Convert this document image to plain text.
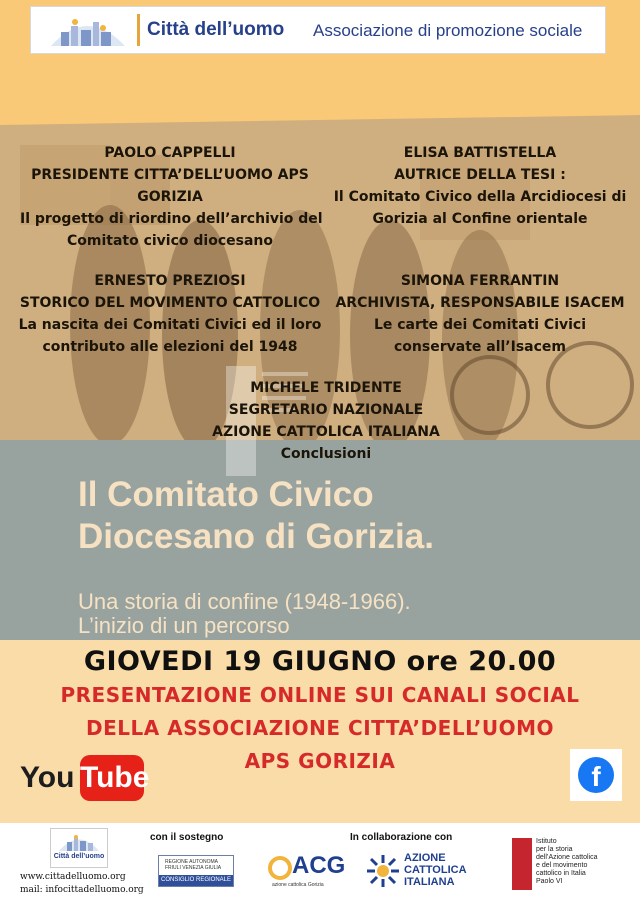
Città dell’uomo Associazione di promozione sociale
PAOLO CAPPELLI
PRESIDENTE CITTA’DELL’UOMO APS
GORIZIA
Il progetto di riordino dell’archivio del
Comitato civico diocesano
ELISA BATTISTELLA
AUTRICE DELLA TESI :
Il Comitato Civico della Arcidiocesi di
Gorizia al Confine orientale
ERNESTO PREZIOSI
STORICO DEL MOVIMENTO CATTOLICO
La nascita dei Comitati Civici ed il loro
contributo alle elezioni del 1948
SIMONA FERRANTIN
ARCHIVISTA, RESPONSABILE ISACEM
Le carte dei Comitati Civici
conservate all’Isacem
MICHELE TRIDENTE
SEGRETARIO NAZIONALE
AZIONE CATTOLICA ITALIANA
Conclusioni
Il Comitato Civico
Diocesano di Gorizia.
Una storia di confine (1948-1966).
L’inizio di un percorso
GIOVEDI 19 GIUGNO ore 20.00
PRESENTAZIONE ONLINE SUI CANALI SOCIAL
DELLA ASSOCIAZIONE CITTA’DELL’UOMO
APS GORIZIA
You Tube	f
Città dell’uomo
www.cittadelluomo.org
mail: infocittadelluomo.org
con il sostegno	In collaborazione con
REGIONE AUTONOMA FRIULI VENEZIA GIULIA
CONSIGLIO REGIONALE
ACG
azione cattolica Gorizia
AZIONE
CATTOLICA
ITALIANA
Istituto
per la storia
dell’Azione cattolica
e del movimento
cattolico in Italia
Paolo VI
